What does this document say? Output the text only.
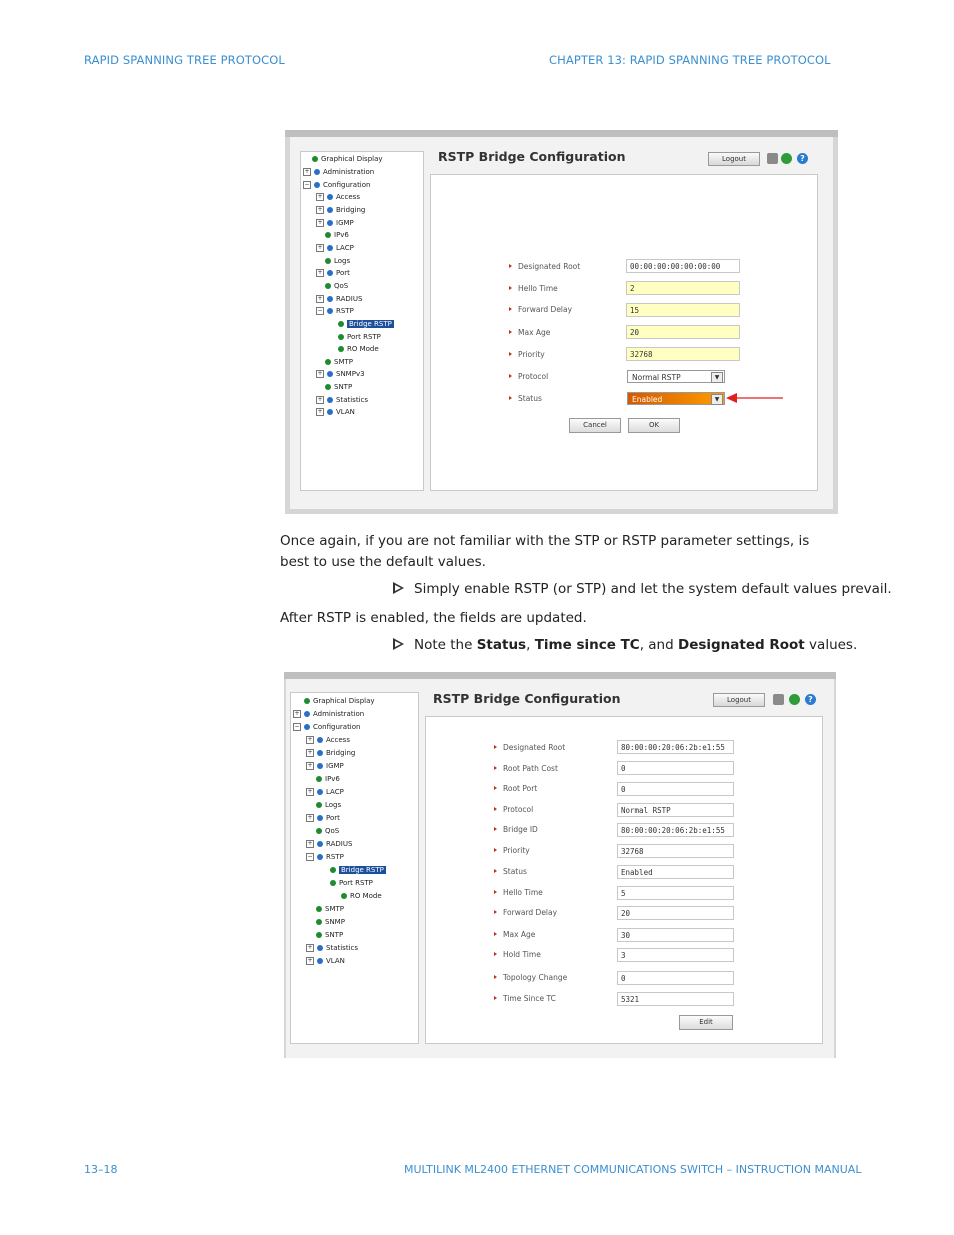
RAPID SPANNING TREE PROTOCOL	CHAPTER 13: RAPID SPANNING TREE PROTOCOL
Graphical Display
+ Administration
− Configuration
+ Access
+ Bridging
+ IGMP
IPv6
+ LACP
Logs
+ Port
QoS
+ RADIUS
− RSTP
Bridge RSTP
Port RSTP
RO Mode
SMTP
+ SNMPv3
SNTP
+ Statistics
+ VLAN
RSTP Bridge Configuration	Logout	?
Designated Root	00:00:00:00:00:00:00
Hello Time	2
Forward Delay	15
Max Age	20
Priority	32768
Protocol	Normal RSTP	▼
Status	Enabled	▼
Cancel	OK
Once again, if you are not familiar with the STP or RSTP parameter settings, is best to use the default values.
Simply enable RSTP (or STP) and let the system default values prevail.
After RSTP is enabled, the fields are updated.
Note the Status, Time since TC, and Designated Root values.
Graphical Display
+ Administration
− Configuration
+ Access
+ Bridging
+ IGMP
IPv6
+ LACP
Logs
+ Port
QoS
+ RADIUS
− RSTP
Bridge RSTP
Port RSTP
RO Mode
SMTP
SNMP
SNTP
+ Statistics
+ VLAN
RSTP Bridge Configuration	Logout	?
Designated Root	80:00:00:20:06:2b:e1:55
Root Path Cost	0
Root Port	0
Protocol	Normal RSTP
Bridge ID	80:00:00:20:06:2b:e1:55
Priority	32768
Status	Enabled
Hello Time	5
Forward Delay	20
Max Age	30
Hold Time	3
Topology Change	0
Time Since TC	5321
Edit
13–18	MULTILINK ML2400 ETHERNET COMMUNICATIONS SWITCH – INSTRUCTION MANUAL
